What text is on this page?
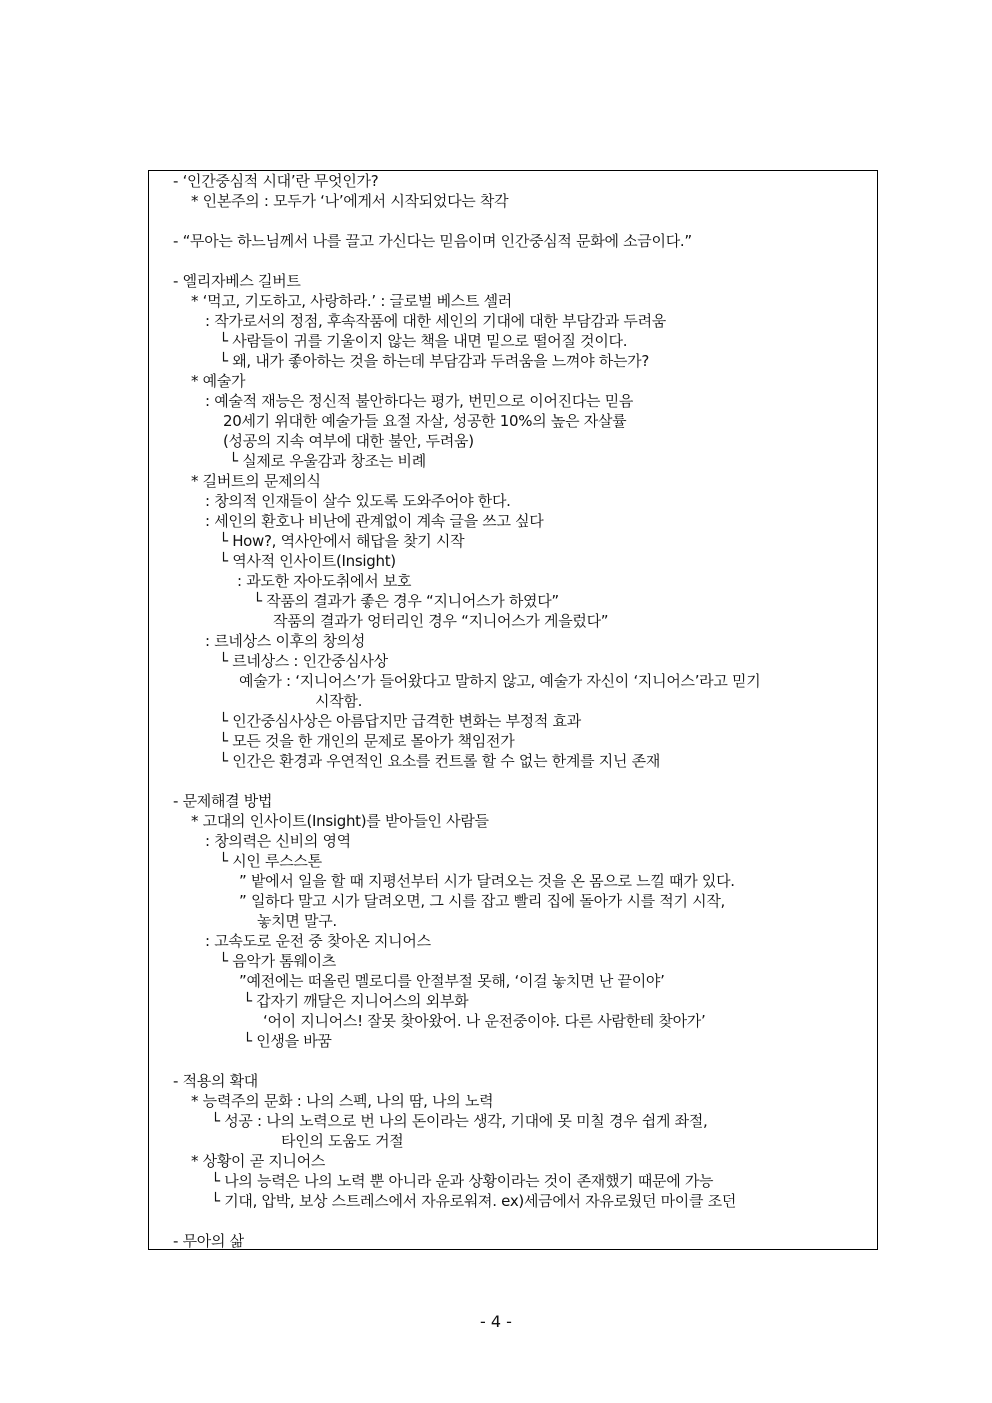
- ‘인간중심적 시대’란 무엇인가?
* 인본주의 : 모두가 ‘나’에게서 시작되었다는 착각
- “무아는 하느님께서 나를 끌고 가신다는 믿음이며 인간중심적 문화에 소금이다.”
- 엘리자베스 길버트
* ‘먹고, 기도하고, 사랑하라.’ : 글로벌 베스트 셀러
: 작가로서의 정점, 후속작품에 대한 세인의 기대에 대한 부담감과 두려움
└ 사람들이 귀를 기울이지 않는 책을 내면 밑으로 떨어질 것이다.
└ 왜, 내가 좋아하는 것을 하는데 부담감과 두려움을 느껴야 하는가?
* 예술가
: 예술적 재능은 정신적 불안하다는 평가, 번민으로 이어진다는 믿음
20세기 위대한 예술가들 요절 자살, 성공한 10%의 높은 자살률
(성공의 지속 여부에 대한 불안, 두려움)
└ 실제로 우울감과 창조는 비례
* 길버트의 문제의식
: 창의적 인재들이 살수 있도록 도와주어야 한다.
: 세인의 환호나 비난에 관계없이 계속 글을 쓰고 싶다
└ How?, 역사안에서 해답을 찾기 시작
└ 역사적 인사이트(Insight)
: 과도한 자아도취에서 보호
└ 작품의 결과가 좋은 경우 “지니어스가 하였다”
작품의 결과가 엉터리인 경우 “지니어스가 게을렀다”
: 르네상스 이후의 창의성
└ 르네상스 : 인간중심사상
예술가 : ‘지니어스’가 들어왔다고 말하지 않고, 예술가 자신이 ‘지니어스’라고 믿기
시작함.
└ 인간중심사상은 아름답지만 급격한 변화는 부정적 효과
└ 모든 것을 한 개인의 문제로 몰아가 책임전가
└ 인간은 환경과 우연적인 요소를 컨트롤 할 수 없는 한계를 지닌 존재
- 문제해결 방법
* 고대의 인사이트(Insight)를 받아들인 사람들
: 창의력은 신비의 영역
└ 시인 루스스톤
” 밭에서 일을 할 때 지평선부터 시가 달려오는 것을 온 몸으로 느낄 때가 있다.
” 일하다 말고 시가 달려오면, 그 시를 잡고 빨리 집에 돌아가 시를 적기 시작,
놓치면 말구.
: 고속도로 운전 중 찾아온 지니어스
└ 음악가 톰웨이츠
”예전에는 떠올린 멜로디를 안절부절 못해, ‘이걸 놓치면 난 끝이야’
└ 갑자기 깨달은 지니어스의 외부화
‘어이 지니어스! 잘못 찾아왔어. 나 운전중이야. 다른 사람한테 찾아가’
└ 인생을 바꿈
- 적용의 확대
* 능력주의 문화 : 나의 스펙, 나의 땀, 나의 노력
└ 성공 : 나의 노력으로 번 나의 돈이라는 생각, 기대에 못 미칠 경우 쉽게 좌절,
타인의 도움도 거절
* 상황이 곧 지니어스
└ 나의 능력은 나의 노력 뿐 아니라 운과 상황이라는 것이 존재했기 때문에 가능
└ 기대, 압박, 보상 스트레스에서 자유로워져. ex)세금에서 자유로웠던 마이클 조던
- 무아의 삶
- 4 -
